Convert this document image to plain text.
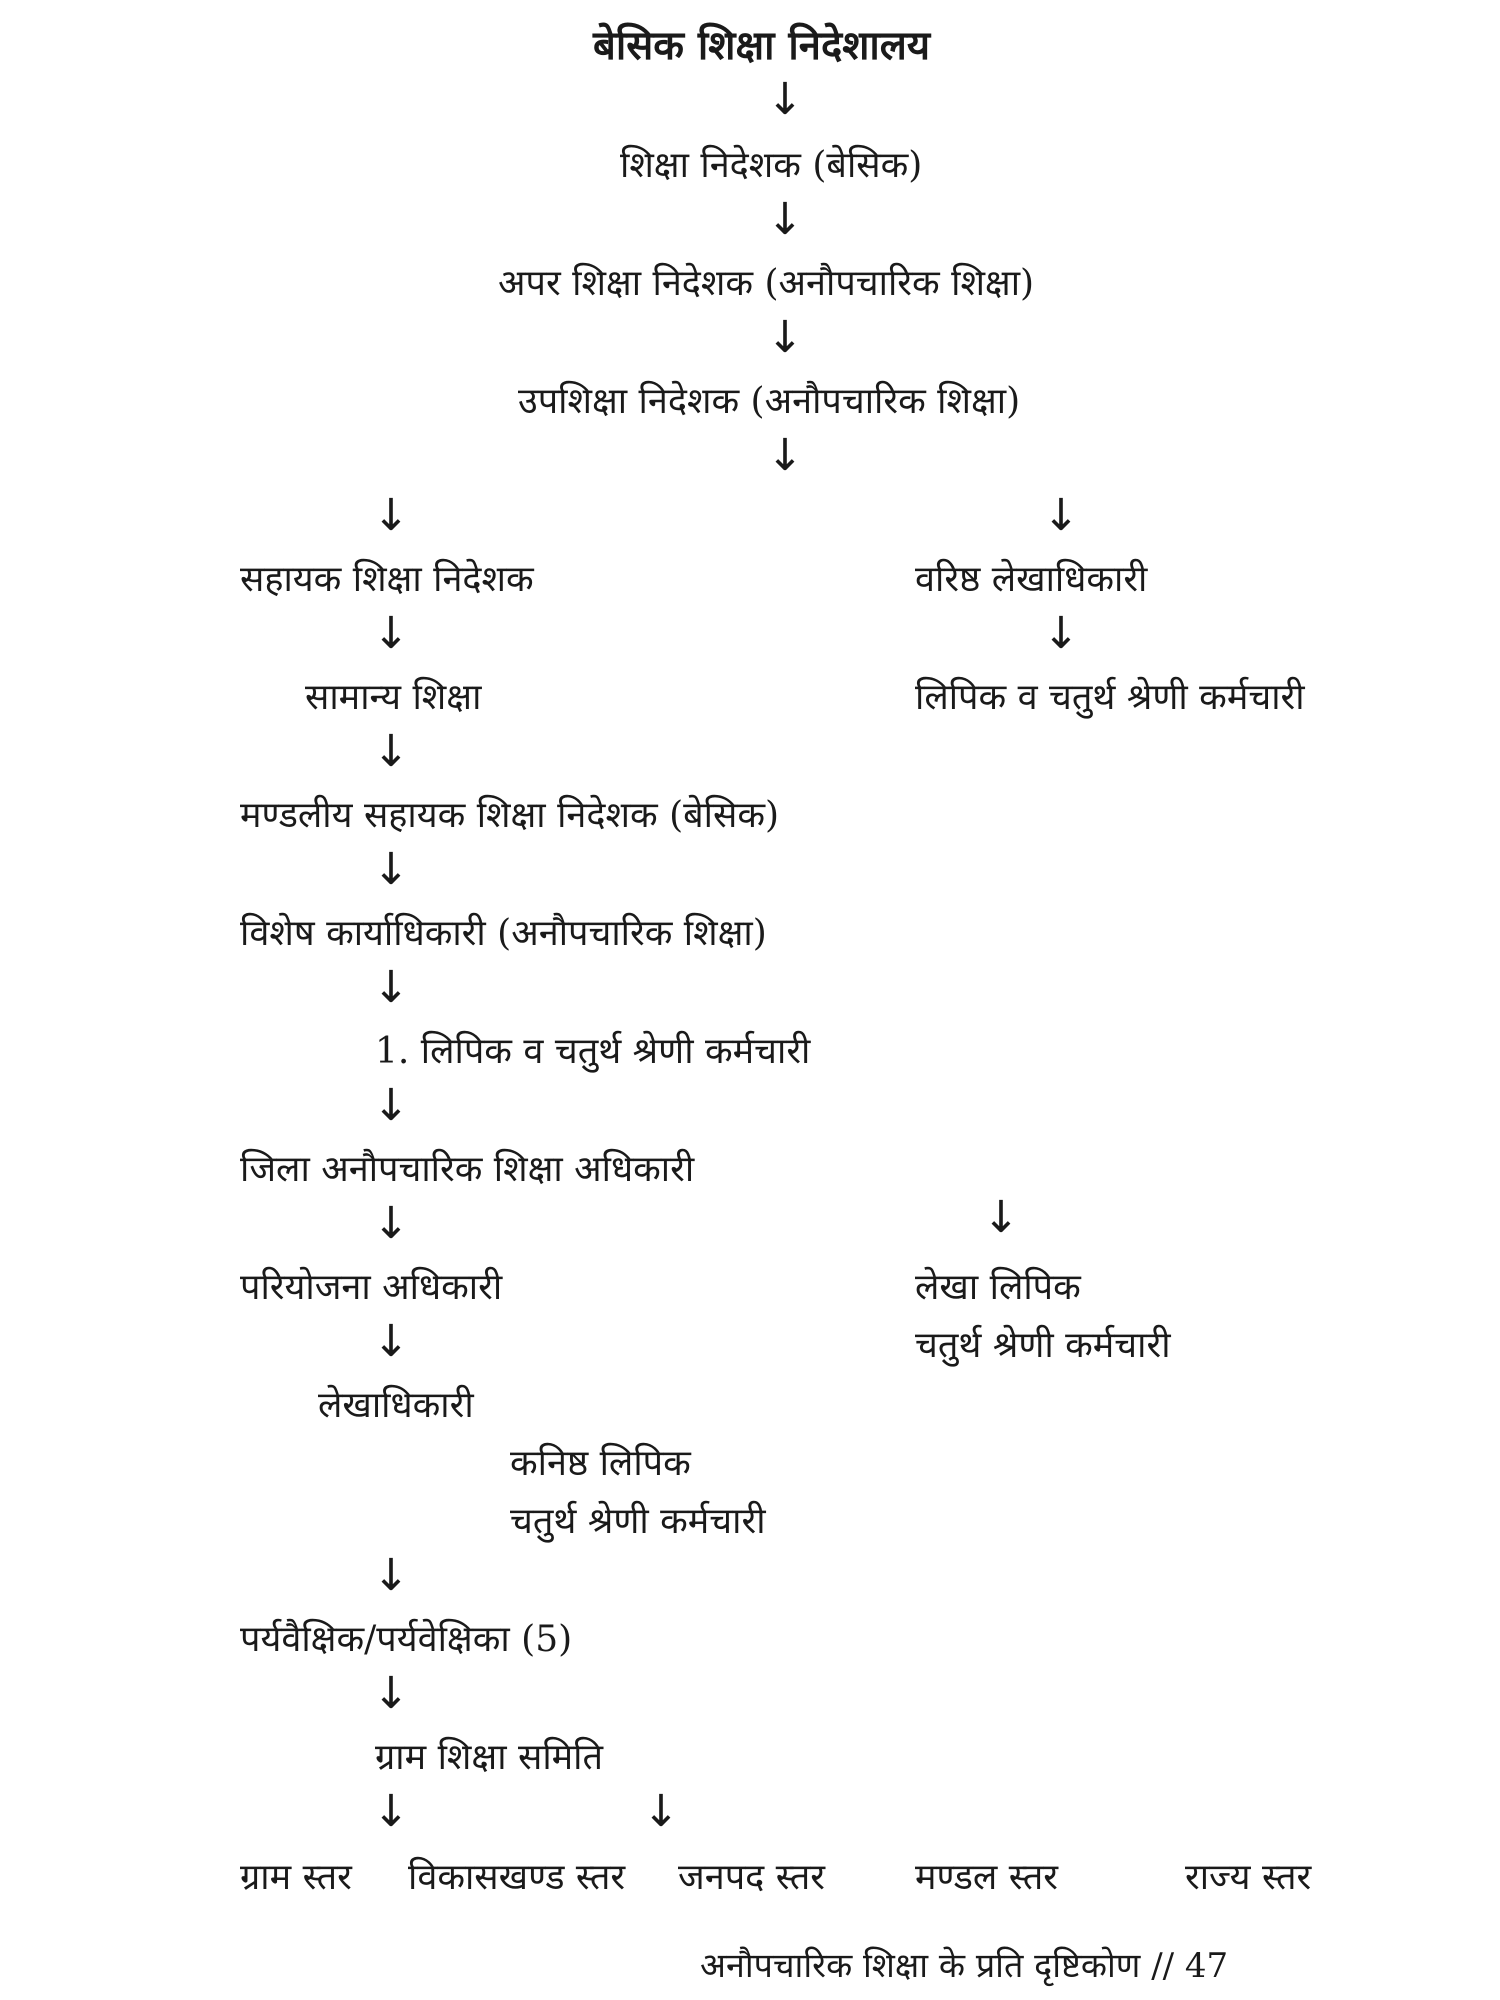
बेसिक शिक्षा निदेशालय
↓
शिक्षा निदेशक (बेसिक)
↓
अपर शिक्षा निदेशक (अनौपचारिक शिक्षा)
↓
उपशिक्षा निदेशक (अनौपचारिक शिक्षा)
↓
↓	↓
सहायक शिक्षा निदेशक	वरिष्ठ लेखाधिकारी
↓	↓
सामान्य शिक्षा	लिपिक व चतुर्थ श्रेणी कर्मचारी
↓
मण्डलीय सहायक शिक्षा निदेशक (बेसिक)
↓
विशेष कार्याधिकारी (अनौपचारिक शिक्षा)
↓
1. लिपिक व चतुर्थ श्रेणी कर्मचारी
↓
जिला अनौपचारिक शिक्षा अधिकारी
↓	↓
परियोजना अधिकारी	लेखा लिपिक
↓	चतुर्थ श्रेणी कर्मचारी
लेखाधिकारी
कनिष्ठ लिपिक
चतुर्थ श्रेणी कर्मचारी
↓
पर्यवैक्षिक/पर्यवेक्षिका (5)
↓
ग्राम शिक्षा समिति
↓	↓
ग्राम स्तर विकासखण्ड स्तर जनपद स्तर	मण्डल स्तर	राज्य स्तर
अनौपचारिक शिक्षा के प्रति दृष्टिकोण // 47
